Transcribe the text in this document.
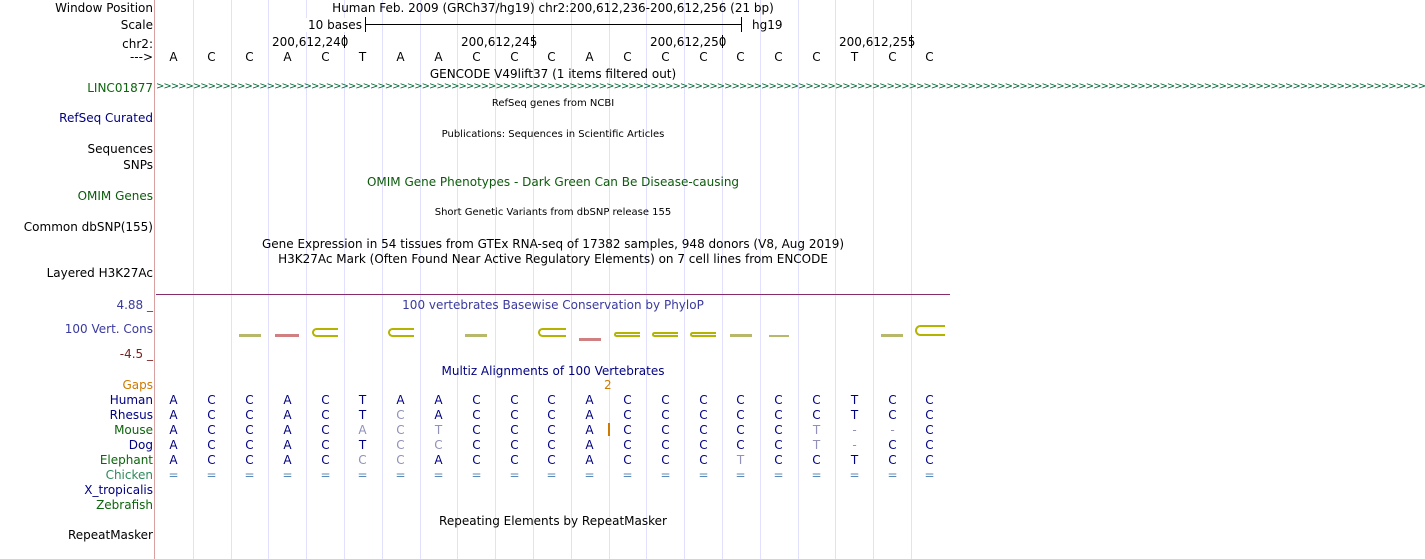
Window Position	Human Feb. 2009 (GRCh37/hg19) chr2:200,612,236-200,612,256 (21 bp)
Scale	10 bases	hg19
chr2:	200,612,240	200,612,245	200,612,250	200,612,255
--->	A	C	C	A	C	T	A	A	C	C	C	A	C	C	C	C	C	C	T	C	C
GENCODE V49lift37 (1 items filtered out)
LINC01877 >>>>>>>>>>>>>>>>>>>>>>>>>>>>>>>>>>>>>>>>>>>>>>>>>>>>>>>>>>>>>>>>>>>>>>>>>>>>>>>>>>>>>>>>>>>>>>>>>>>>>>>>>>>>>>>>>>>>>>>>>>>>>>>>>>>>>>>>>>>>>>>>>>>>>>>>>>>>>>>>>>>>>>>>>>>>
RefSeq genes from NCBI
RefSeq Curated
Publications: Sequences in Scientific Articles
Sequences
SNPs
OMIM Gene Phenotypes - Dark Green Can Be Disease-causing
OMIM Genes
Short Genetic Variants from dbSNP release 155
Common dbSNP(155)
Gene Expression in 54 tissues from GTEx RNA-seq of 17382 samples, 948 donors (V8, Aug 2019)
H3K27Ac Mark (Often Found Near Active Regulatory Elements) on 7 cell lines from ENCODE
Layered H3K27Ac
4.88 _	100 vertebrates Basewise Conservation by PhyloP
100 Vert. Cons
-4.5 _
Multiz Alignments of 100 Vertebrates
Gaps	2
Human	A	C	C	A	C	T	A	A	C	C	C	A	C	C	C	C	C	C	T	C	C
Rhesus	A	C	C	A	C	T	C	A	C	C	C	A	C	C	C	C	C	C	T	C	C
Mouse	A	C	C	A	C	A	C	T	C	C	C	A	C	C	C	C	C	T	-	-	C
Dog	A	C	C	A	C	T	C	C	C	C	C	A	C	C	C	C	C	T	-	C	C
Elephant	A	C	C	A	C	C	C	A	C	C	C	A	C	C	C	T	C	C	T	C	C
Chicken	=	=	=	=	=	=	=	=	=	=	=	=	=	=	=	=	=	=	=	=	=
X_tropicalis
Zebrafish
Repeating Elements by RepeatMasker
RepeatMasker
